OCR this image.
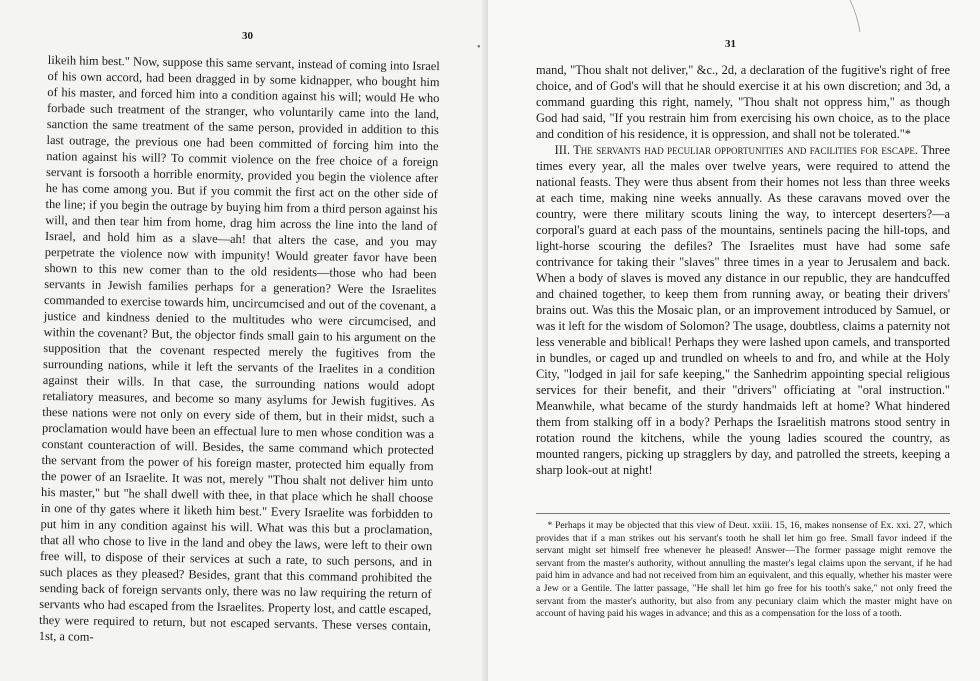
30

likeih him best." Now, suppose this same servant, instead of coming into Israel of his own accord, had been dragged in by some kidnapper, who bought him of his master, and forced him into a condition against his will; would He who forbade such treatment of the stranger, who voluntarily came into the land, sanction the same treatment of the same person, provided in addition to this last outrage, the previous one had been committed of forcing him into the nation against his will? To commit violence on the free choice of a foreign servant is forsooth a horrible enormity, provided you begin the violence after he has come among you. But if you commit the first act on the other side of the line; if you begin the outrage by buying him from a third person against his will, and then tear him from home, drag him across the line into the land of Israel, and hold him as a slave—ah! that alters the case, and you may perpetrate the violence now with impunity! Would greater favor have been shown to this new comer than to the old residents—those who had been servants in Jewish families perhaps for a generation? Were the Israelites commanded to exercise towards him, uncircumcised and out of the covenant, a justice and kindness denied to the multitudes who were circumcised, and within the covenant? But, the objector finds small gain to his argument on the supposition that the covenant respected merely the fugitives from the surrounding nations, while it left the servants of the Iraelites in a condition against their wills. In that case, the surrounding nations would adopt retaliatory measures, and become so many asylums for Jewish fugitives. As these nations were not only on every side of them, but in their midst, such a proclamation would have been an effectual lure to men whose condition was a constant counteraction of will. Besides, the same command which protected the servant from the power of his foreign master, protected him equally from the power of an Israelite. It was not, merely "Thou shalt not deliver him unto his master," but "he shall dwell with thee, in that place which he shall choose in one of thy gates where it liketh him best." Every Israelite was forbidden to put him in any condition against his will. What was this but a proclamation, that all who chose to live in the land and obey the laws, were left to their own free will, to dispose of their services at such a rate, to such persons, and in such places as they pleased? Besides, grant that this command prohibited the sending back of foreign servants only, there was no law requiring the return of servants who had escaped from the Israelites. Property lost, and cattle escaped, they were required to return, but not escaped servants. These verses contain, 1st, a com-

•	31

mand, "Thou shalt not deliver," &c., 2d, a declaration of the fugitive's right of free choice, and of God's will that he should exercise it at his own discretion; and 3d, a command guarding this right, namely, "Thou shalt not oppress him," as though God had said, "If you restrain him from exercising his own choice, as to the place and condition of his residence, it is oppression, and shall not be tolerated."*

III. The servants had peculiar opportunities and facilities for escape. Three times every year, all the males over twelve years, were required to attend the national feasts. They were thus absent from their homes not less than three weeks at each time, making nine weeks annually. As these caravans moved over the country, were there military scouts lining the way, to intercept deserters?—a corporal's guard at each pass of the mountains, sentinels pacing the hill-tops, and light-horse scouring the defiles? The Israelites must have had some safe contrivance for taking their "slaves" three times in a year to Jerusalem and back. When a body of slaves is moved any distance in our republic, they are handcuffed and chained together, to keep them from running away, or beating their drivers' brains out. Was this the Mosaic plan, or an improvement introduced by Samuel, or was it left for the wisdom of Solomon? The usage, doubtless, claims a paternity not less venerable and biblical! Perhaps they were lashed upon camels, and transported in bundles, or caged up and trundled on wheels to and fro, and while at the Holy City, "lodged in jail for safe keeping," the Sanhedrim appointing special religious services for their benefit, and their "drivers" officiating at "oral instruction." Meanwhile, what became of the sturdy handmaids left at home? What hindered them from stalking off in a body? Perhaps the Israelitish matrons stood sentry in rotation round the kitchens, while the young ladies scoured the country, as mounted rangers, picking up stragglers by day, and patrolled the streets, keeping a sharp look-out at night!

* Perhaps it may be objected that this view of Deut. xxiii. 15, 16, makes nonsense of Ex. xxi. 27, which provides that if a man strikes out his servant's tooth he shall let him go free. Small favor indeed if the servant might set himself free whenever he pleased! Answer—The former passage might remove the servant from the master's authority, without annulling the master's legal claims upon the servant, if he had paid him in advance and had not received from him an equivalent, and this equally, whether his master were a Jew or a Gentile. The latter passage, "He shall let him go free for his tooth's sake," not only freed the servant from the master's authority, but also from any pecuniary claim which the master might have on account of having paid his wages in advance; and this as a compensation for the loss of a tooth.
